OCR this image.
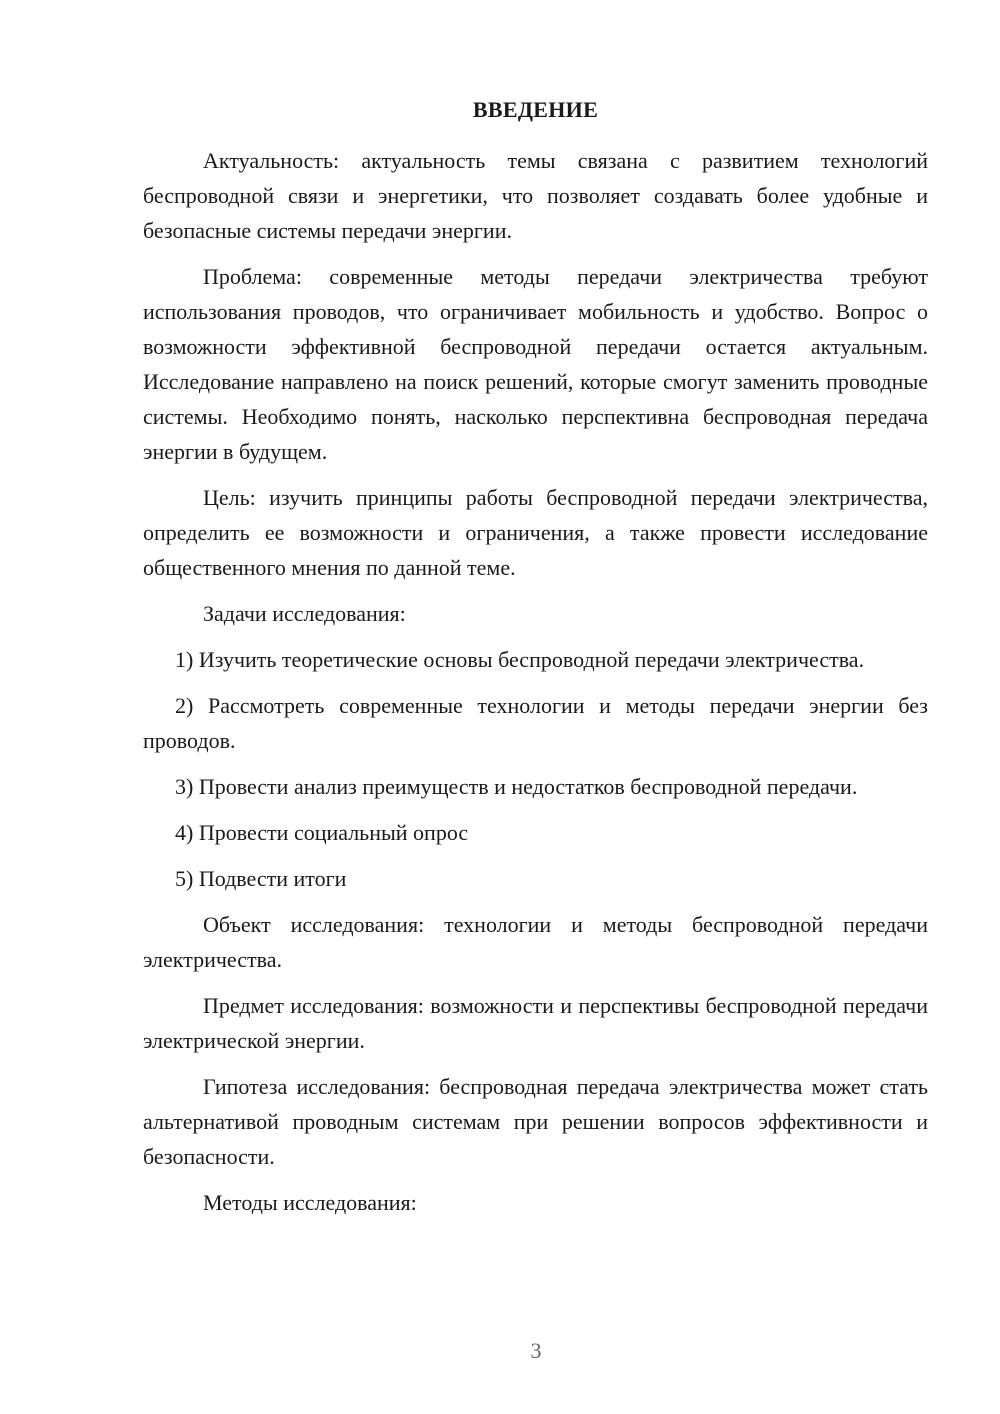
ВВЕДЕНИЕ
Актуальность: актуальность темы связана с развитием технологий беспроводной связи и энергетики, что позволяет создавать более удобные и безопасные системы передачи энергии.
Проблема: современные методы передачи электричества требуют использования проводов, что ограничивает мобильность и удобство. Вопрос о возможности эффективной беспроводной передачи остается актуальным. Исследование направлено на поиск решений, которые смогут заменить проводные системы. Необходимо понять, насколько перспективна беспроводная передача энергии в будущем.
Цель: изучить принципы работы беспроводной передачи электричества, определить ее возможности и ограничения, а также провести исследование общественного мнения по данной теме.
Задачи исследования:
1) Изучить теоретические основы беспроводной передачи электричества.
2) Рассмотреть современные технологии и методы передачи энергии без проводов.
3) Провести анализ преимуществ и недостатков беспроводной передачи.
4) Провести социальный опрос
5) Подвести итоги
Объект исследования: технологии и методы беспроводной передачи электричества.
Предмет исследования: возможности и перспективы беспроводной передачи электрической энергии.
Гипотеза исследования: беспроводная передача электричества может стать альтернативой проводным системам при решении вопросов эффективности и безопасности.
Методы исследования:
3
